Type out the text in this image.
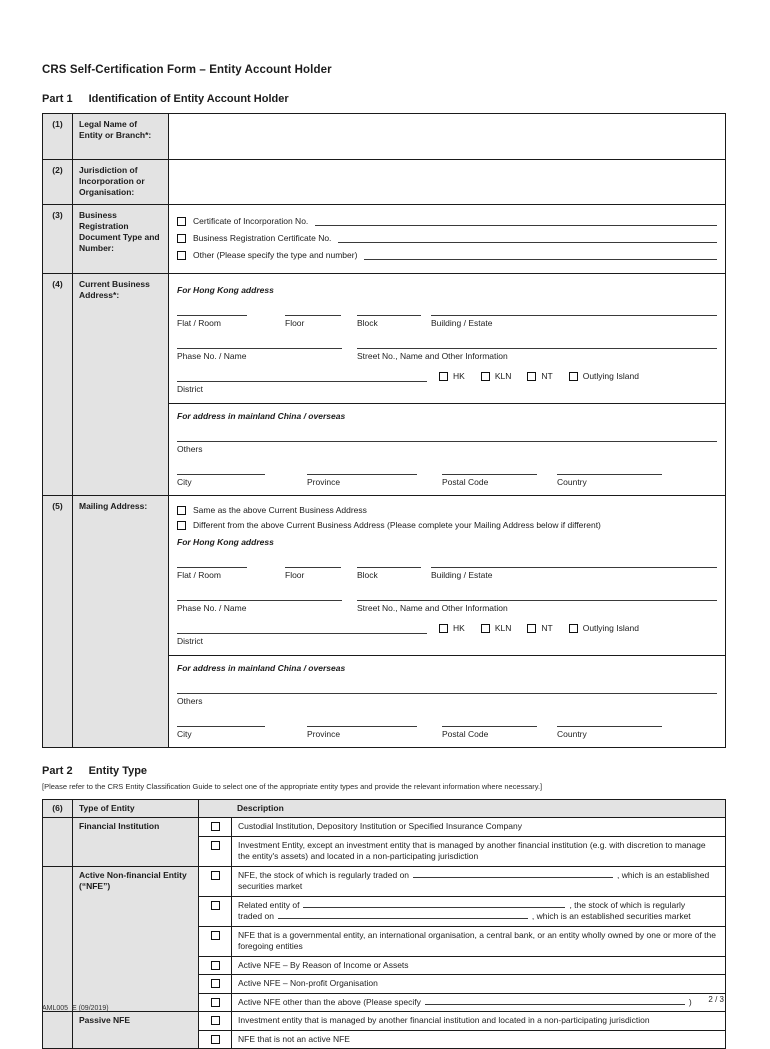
CRS Self-Certification Form – Entity Account Holder
Part 1 Identification of Entity Account Holder
(1)	Legal Name of Entity or Branch*:	
(2)	Jurisdiction of Incorporation or Organisation:	
(3)	Business Registration Document Type and Number:	Certificate of Incorporation No.
Business Registration Certificate No.
Other (Please specify the type and number)

(4)	Current Business Address*:	
For Hong Kong address
Flat / Room	Floor	Block	Building / Estate
Phase No. / Name	Street No., Name and Other Information
District
HK	KLN	NT	Outlying Island
For address in mainland China / overseas
Others
City	Province	Postal Code	Country

(5)	Mailing Address:	Same as the above Current Business Address
Different from the above Current Business Address (Please complete your Mailing Address below if different)
For Hong Kong address
Flat / Room	Floor	Block	Building / Estate
Phase No. / Name	Street No., Name and Other Information
District
HK	KLN	NT	Outlying Island
For address in mainland China / overseas
Others
City	Province	Postal Code	Country
Part 2 Entity Type
[Please refer to the CRS Entity Classification Guide to select one of the appropriate entity types and provide the relevant information where necessary.]
(6)	Type of Entity	Description	
	Financial Institution		Custodial Institution, Depository Institution or Specified Insurance Company
			Investment Entity, except an investment entity that is managed by another financial institution (e.g. with discretion to manage the entity's assets) and located in a non-participating jurisdiction
	Active Non-financial Entity (“NFE”)		NFE, the stock of which is regularly traded on , which is an established securities market

			Related entity of , the stock of which is regularly
traded on , which is an established securities market

			NFE that is a governmental entity, an international organisation, a central bank, or an entity wholly owned by one or more of the foregoing entities
			Active NFE – By Reason of Income or Assets
			Active NFE – Non-profit Organisation
			Active NFE other than the above (Please specify )
	Passive NFE		Investment entity that is managed by another financial institution and located in a non-participating jurisdiction
			NFE that is not an active NFE
AML005_E (09/2019)
2 / 3
